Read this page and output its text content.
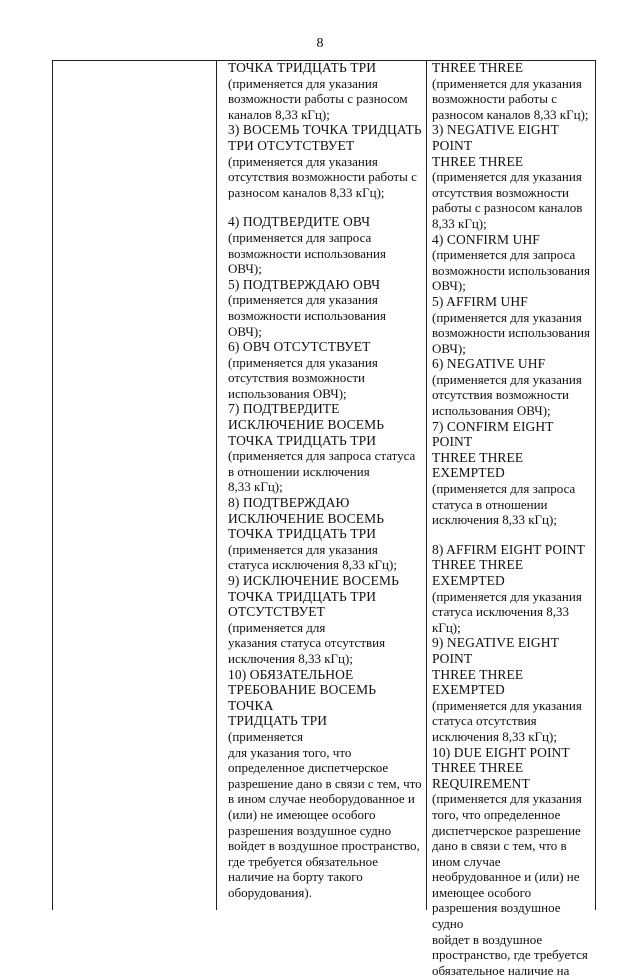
8
ТОЧКА ТРИДЦАТЬ ТРИ
(применяется для указания
возможности работы с разносом
каналов 8,33 кГц);
3) ВОСЕМЬ ТОЧКА ТРИДЦАТЬ
ТРИ ОТСУТСТВУЕТ
(применяется для указания
отсутствия возможности работы с
разносом каналов 8,33 кГц);
4) ПОДТВЕРДИТЕ ОВЧ
(применяется для запроса
возможности использования
ОВЧ);
5) ПОДТВЕРЖДАЮ ОВЧ
(применяется для указания
возможности использования
ОВЧ);
6) ОВЧ ОТСУТСТВУЕТ
(применяется для указания
отсутствия возможности
использования ОВЧ);
7) ПОДТВЕРДИТЕ
ИСКЛЮЧЕНИЕ ВОСЕМЬ
ТОЧКА ТРИДЦАТЬ ТРИ
(применяется для запроса статуса
в отношении исключения
8,33 кГц);
8) ПОДТВЕРЖДАЮ
ИСКЛЮЧЕНИЕ ВОСЕМЬ
ТОЧКА ТРИДЦАТЬ ТРИ
(применяется для указания
статуса исключения 8,33 кГц);
9) ИСКЛЮЧЕНИЕ ВОСЕМЬ
ТОЧКА ТРИДЦАТЬ ТРИ
ОТСУТСТВУЕТ
(применяется для
указания статуса отсутствия
исключения 8,33 кГц);
10) ОБЯЗАТЕЛЬНОЕ
ТРЕБОВАНИЕ ВОСЕМЬ ТОЧКА
ТРИДЦАТЬ ТРИ
(применяется
для указания того, что
определенное диспетчерское
разрешение дано в связи с тем, что
в ином случае необорудованное и
(или) не имеющее особого
разрешения воздушное судно
войдет в воздушное пространство,
где требуется обязательное
наличие на борту такого
оборудования).
THREE THREE
(применяется для указания
возможности работы с
разносом каналов 8,33 кГц);
3) NEGATIVE EIGHT POINT
THREE THREE
(применяется для указания
отсутствия возможности
работы с разносом каналов
8,33 кГц);
4) CONFIRM UHF
(применяется для запроса
возможности использования
ОВЧ);
5) AFFIRM UHF
(применяется для указания
возможности использования
ОВЧ);
6) NEGATIVE UHF
(применяется для указания
отсутствия возможности
использования ОВЧ);
7) CONFIRM EIGHT POINT
THREE THREE EXEMPTED
(применяется для запроса
статуса в отношении
исключения 8,33 кГц);
8) AFFIRM EIGHT POINT
THREE THREE EXEMPTED
(применяется для указания
статуса исключения 8,33
кГц);
9) NEGATIVE EIGHT POINT
THREE THREE EXEMPTED
(применяется для указания
статуса отсутствия
исключения 8,33 кГц);
10) DUE EIGHT POINT
THREE THREE
REQUIREMENT
(применяется для указания
того, что определенное
диспетчерское разрешение
дано в связи с тем, что в
ином случае
необрудованное и (или) не
имеющее особого
разрешения воздушное судно
войдет в воздушное
пространство, где требуется
обязательное наличие на
